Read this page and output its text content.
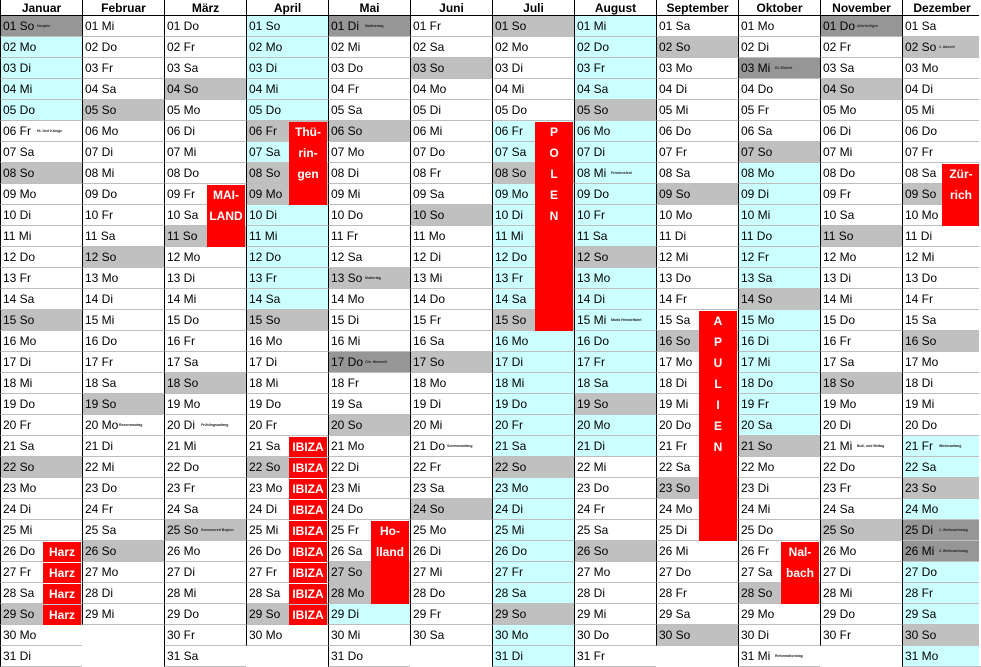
Januar
01 So Neujahr
02 Mo
03 Di
04 Mi
05 Do
06 Fr Hl. Drei Könige
07 Sa
08 So
09 Mo
10 Di
11 Mi
12 Do
13 Fr
14 Sa
15 So
16 Mo
17 Di
18 Mi
19 Do
20 Fr
21 Sa
22 So
23 Mo
24 Di
25 Mi
26 Do
27 Fr
28 Sa
29 So
30 Mo
31 Di
Februar
01 Mi
02 Do
03 Fr
04 Sa
05 So
06 Mo
07 Di
08 Mi
09 Do
10 Fr
11 Sa
12 So
13 Mo
14 Di
15 Mi
16 Do
17 Fr
18 Sa
19 So
20 Mo Rosenmontag
21 Di
22 Mi
23 Do
24 Fr
25 Sa
26 So
27 Mo
28 Di
29 Mi
März
01 Do
02 Fr
03 Sa
04 So
05 Mo
06 Di
07 Mi
08 Do
09 Fr
10 Sa
11 So
12 Mo
13 Di
14 Mi
15 Do
16 Fr
17 Sa
18 So
19 Mo
20 Di Frühlingsanfang
21 Mi
22 Do
23 Fr
24 Sa
25 So Sommerzeit Beginn
26 Mo
27 Di
28 Mi
29 Do
30 Fr
31 Sa
April
01 So
02 Mo
03 Di
04 Mi
05 Do
06 Fr
07 Sa
08 So
09 Mo
10 Di
11 Mi
12 Do
13 Fr
14 Sa
15 So
16 Mo
17 Di
18 Mi
19 Do
20 Fr
21 Sa
22 So
23 Mo
24 Di
25 Mi
26 Do
27 Fr
28 Sa
29 So
30 Mo
Mai
01 Di Maifeiertag
02 Mi
03 Do
04 Fr
05 Sa
06 So
07 Mo
08 Di
09 Mi
10 Do
11 Fr
12 Sa
13 So Muttertag
14 Mo
15 Di
16 Mi
17 Do Chr. Himmelf.
18 Fr
19 Sa
20 So
21 Mo
22 Di
23 Mi
24 Do
25 Fr
26 Sa
27 So
28 Mo
29 Di
30 Mi
31 Do
Juni
01 Fr
02 Sa
03 So
04 Mo
05 Di
06 Mi
07 Do
08 Fr
09 Sa
10 So
11 Mo
12 Di
13 Mi
14 Do
15 Fr
16 Sa
17 So
18 Mo
19 Di
20 Mi
21 Do Sommeranfang
22 Fr
23 Sa
24 So
25 Mo
26 Di
27 Mi
28 Do
29 Fr
30 Sa
Juli
01 So
02 Mo
03 Di
04 Mi
05 Do
06 Fr
07 Sa
08 So
09 Mo
10 Di
11 Mi
12 Do
13 Fr
14 Sa
15 So
16 Mo
17 Di
18 Mi
19 Do
20 Fr
21 Sa
22 So
23 Mo
24 Di
25 Mi
26 Do
27 Fr
28 Sa
29 So
30 Mo
31 Di
August
01 Mi
02 Do
03 Fr
04 Sa
05 So
06 Mo
07 Di
08 Mi Friedensfest
09 Do
10 Fr
11 Sa
12 So
13 Mo
14 Di
15 Mi Mariä Himmelfahrt
16 Do
17 Fr
18 Sa
19 So
20 Mo
21 Di
22 Mi
23 Do
24 Fr
25 Sa
26 So
27 Mo
28 Di
29 Mi
30 Do
31 Fr
September
01 Sa
02 So
03 Mo
04 Di
05 Mi
06 Do
07 Fr
08 Sa
09 So
10 Mo
11 Di
12 Mi
13 Do
14 Fr
15 Sa
16 So
17 Mo
18 Di
19 Mi
20 Do
21 Fr
22 Sa
23 So
24 Mo
25 Di
26 Mi
27 Do
28 Fr
29 Sa
30 So
Oktober
01 Mo
02 Di
03 Mi Dt. Einheit
04 Do
05 Fr
06 Sa
07 So
08 Mo
09 Di
10 Mi
11 Do
12 Fr
13 Sa
14 So
15 Mo
16 Di
17 Mi
18 Do
19 Fr
20 Sa
21 So
22 Mo
23 Di
24 Mi
25 Do
26 Fr
27 Sa
28 So
29 Mo
30 Di
31 Mi Reformationstag
November
01 Do Allerheiligen
02 Fr
03 Sa
04 So
05 Mo
06 Di
07 Mi
08 Do
09 Fr
10 Sa
11 So
12 Mo
13 Di
14 Mi
15 Do
16 Fr
17 Sa
18 So
19 Mo
20 Di
21 Mi Buß- und Bettag
22 Do
23 Fr
24 Sa
25 So
26 Mo
27 Di
28 Mi
29 Do
30 Fr
Dezember
01 Sa
02 So 1. Advent
03 Mo
04 Di
05 Mi
06 Do
07 Fr
08 Sa
09 So
10 Mo
11 Di
12 Mi
13 Do
14 Fr
15 Sa
16 So
17 Mo
18 Di
19 Mi
20 Do
21 Fr Winteranfang
22 Sa
23 So
24 Mo
25 Di 1. Weihnachtstag
26 Mi 2. Weihnachtstag
27 Do
28 Fr
29 Sa
30 So
31 Mo
Harz
Harz
Harz
Harz
MAI-
LAND
Thü-
rin-
gen
IBIZA
IBIZA
IBIZA
IBIZA
IBIZA
IBIZA
IBIZA
IBIZA
IBIZA
Ho-
lland
P
O
L
E
N
A
P
U
L
I
E
N
Nal-
bach
Zür-
rich
